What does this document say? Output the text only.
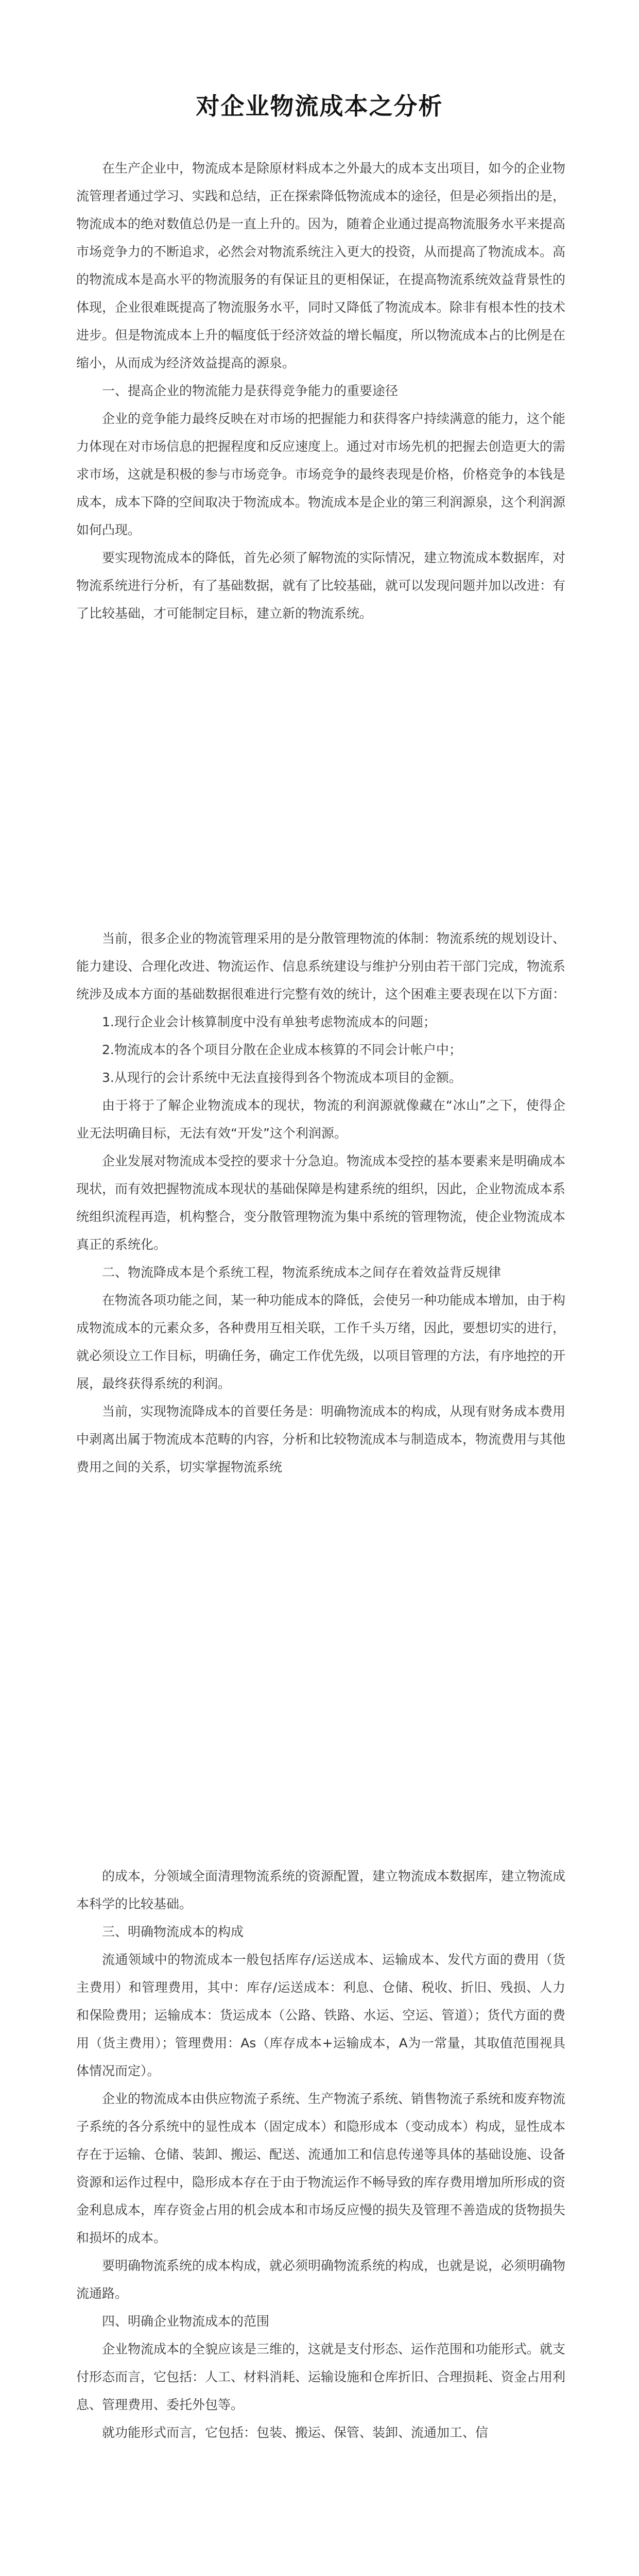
对企业物流成本之分析

在生产企业中，物流成本是除原材料成本之外最大的成本支出项目，如今的企业物流管理者通过学习、实践和总结，正在探索降低物流成本的途径，但是必须指出的是，物流成本的绝对数值总仍是一直上升的。因为，随着企业通过提高物流服务水平来提高市场竞争力的不断追求，必然会对物流系统注入更大的投资，从而提高了物流成本。高的物流成本是高水平的物流服务的有保证且的更相保证，在提高物流系统效益背景性的体现，企业很难既提高了物流服务水平，同时又降低了物流成本。除非有根本性的技术进步。但是物流成本上升的幅度低于经济效益的增长幅度，所以物流成本占的比例是在缩小，从而成为经济效益提高的源泉。

一、提高企业的物流能力是获得竞争能力的重要途径

企业的竞争能力最终反映在对市场的把握能力和获得客户持续满意的能力，这个能力体现在对市场信息的把握程度和反应速度上。通过对市场先机的把握去创造更大的需求市场，这就是积极的参与市场竞争。市场竞争的最终表现是价格，价格竞争的本钱是成本，成本下降的空间取决于物流成本。物流成本是企业的第三利润源泉，这个利润源如何凸现。

要实现物流成本的降低，首先必须了解物流的实际情况，建立物流成本数据库，对物流系统进行分析，有了基础数据，就有了比较基础，就可以发现问题并加以改进：有了比较基础，才可能制定目标，建立新的物流系统。

当前，很多企业的物流管理采用的是分散管理物流的体制：物流系统的规划设计、能力建设、合理化改进、物流运作、信息系统建设与维护分别由若干部门完成，物流系统涉及成本方面的基础数据很难进行完整有效的统计，这个困难主要表现在以下方面：

1.现行企业会计核算制度中没有单独考虑物流成本的问题；

2.物流成本的各个项目分散在企业成本核算的不同会计帐户中；

3.从现行的会计系统中无法直接得到各个物流成本项目的金额。

由于将于了解企业物流成本的现状，物流的利润源就像藏在“冰山”之下，使得企业无法明确目标，无法有效“开发”这个利润源。

企业发展对物流成本受控的要求十分急迫。物流成本受控的基本要素来是明确成本现状，而有效把握物流成本现状的基础保障是构建系统的组织，因此，企业物流成本系统组织流程再造，机构整合，变分散管理物流为集中系统的管理物流，使企业物流成本真正的系统化。

二、物流降成本是个系统工程，物流系统成本之间存在着效益背反规律

在物流各项功能之间，某一种功能成本的降低，会使另一种功能成本增加，由于构成物流成本的元素众多，各种费用互相关联，工作千头万绪，因此，要想切实的进行，就必须设立工作目标，明确任务，确定工作优先级，以项目管理的方法，有序地控的开展，最终获得系统的利润。

当前，实现物流降成本的首要任务是：明确物流成本的构成，从现有财务成本费用中剥离出属于物流成本范畴的内容，分析和比较物流成本与制造成本，物流费用与其他费用之间的关系，切实掌握物流系统

的成本，分领域全面清理物流系统的资源配置，建立物流成本数据库，建立物流成本科学的比较基础。

三、明确物流成本的构成

流通领域中的物流成本一般包括库存/运送成本、运输成本、发代方面的费用（货主费用）和管理费用，其中：库存/运送成本：利息、仓储、税收、折旧、残损、人力和保险费用；运输成本：货运成本（公路、铁路、水运、空运、管道）；货代方面的费用（货主费用）；管理费用：As（库存成本+运输成本，A为一常量，其取值范围视具体情况而定）。

企业的物流成本由供应物流子系统、生产物流子系统、销售物流子系统和废弃物流子系统的各分系统中的显性成本（固定成本）和隐形成本（变动成本）构成，显性成本存在于运输、仓储、装卸、搬运、配送、流通加工和信息传递等具体的基础设施、设备资源和运作过程中，隐形成本存在于由于物流运作不畅导致的库存费用增加所形成的资金利息成本，库存资金占用的机会成本和市场反应慢的损失及管理不善造成的货物损失和损坏的成本。

要明确物流系统的成本构成，就必须明确物流系统的构成，也就是说，必须明确物流通路。

四、明确企业物流成本的范围

企业物流成本的全貌应该是三维的，这就是支付形态、运作范围和功能形式。就支付形态而言，它包括：人工、材料消耗、运输设施和仓库折旧、合理损耗、资金占用利息、管理费用、委托外包等。

就功能形式而言，它包括：包装、搬运、保管、装卸、流通加工、信
